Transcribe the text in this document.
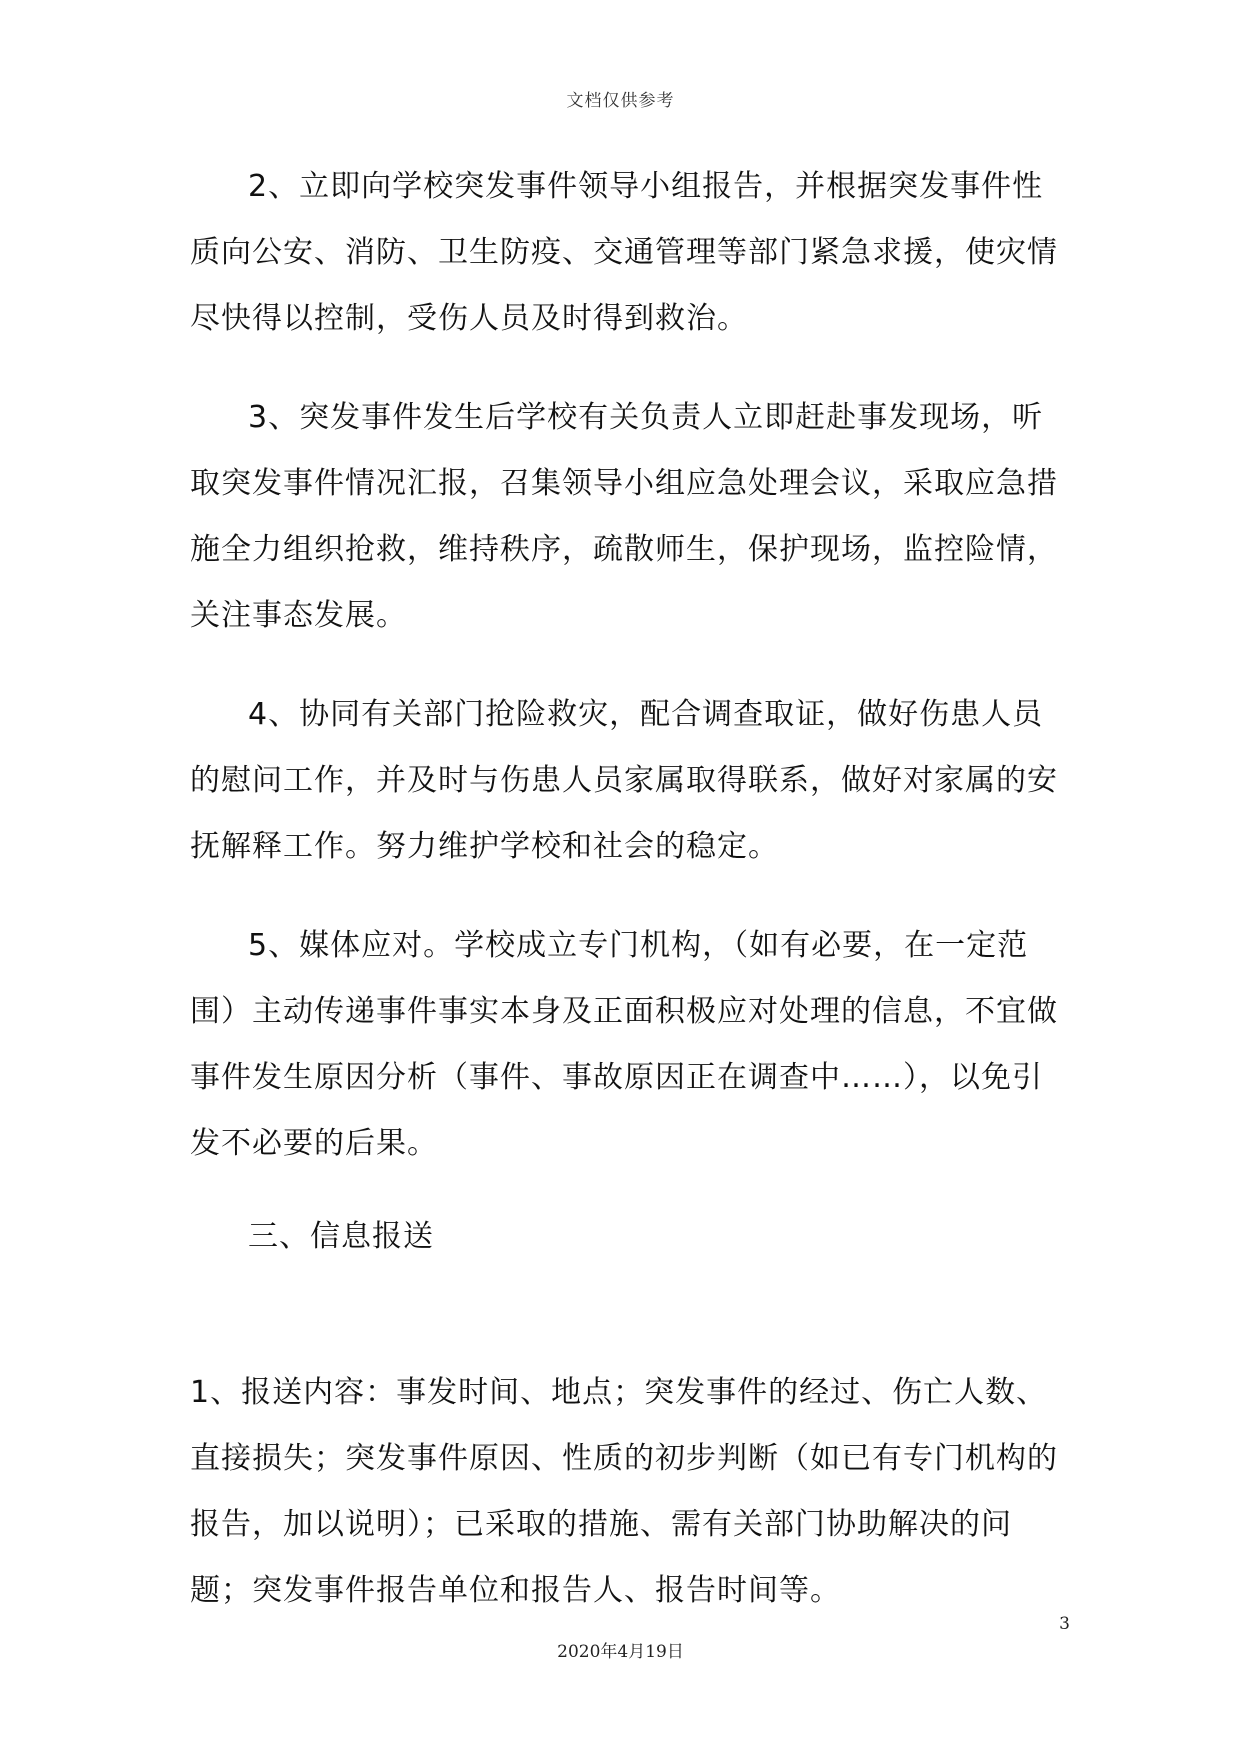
文档仅供参考

2、立即向学校突发事件领导小组报告，并根据突发事件性质向公安、消防、卫生防疫、交通管理等部门紧急求援，使灾情尽快得以控制，受伤人员及时得到救治。

3、突发事件发生后学校有关负责人立即赶赴事发现场，听取突发事件情况汇报，召集领导小组应急处理会议，采取应急措施全力组织抢救，维持秩序，疏散师生，保护现场，监控险情，关注事态发展。

4、协同有关部门抢险救灾，配合调查取证，做好伤患人员的慰问工作，并及时与伤患人员家属取得联系，做好对家属的安抚解释工作。努力维护学校和社会的稳定。

5、媒体应对。学校成立专门机构，（如有必要，在一定范围）主动传递事件事实本身及正面积极应对处理的信息，不宜做事件发生原因分析（事件、事故原因正在调查中……），以免引发不必要的后果。

三、信息报送

1、报送内容：事发时间、地点；突发事件的经过、伤亡人数、直接损失；突发事件原因、性质的初步判断（如已有专门机构的报告，加以说明）；已采取的措施、需有关部门协助解决的问题；突发事件报告单位和报告人、报告时间等。

3
2020年4月19日
